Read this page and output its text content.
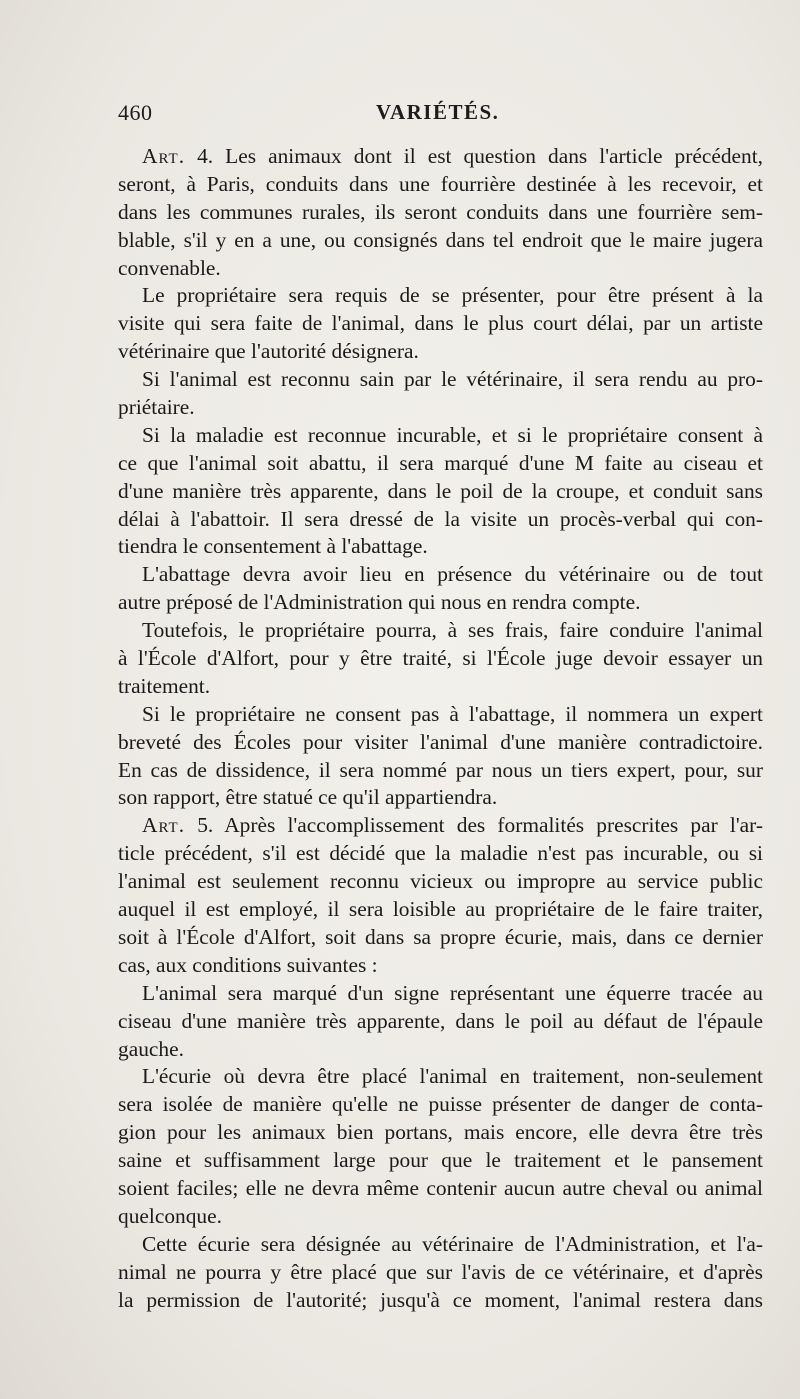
460	VARIÉTÉS.
Art. 4. Les animaux dont il est question dans l'article précédent,
seront, à Paris, conduits dans une fourrière destinée à les recevoir, et
dans les communes rurales, ils seront conduits dans une fourrière sem-
blable, s'il y en a une, ou consignés dans tel endroit que le maire jugera
convenable.
Le propriétaire sera requis de se présenter, pour être présent à la
visite qui sera faite de l'animal, dans le plus court délai, par un artiste
vétérinaire que l'autorité désignera.
Si l'animal est reconnu sain par le vétérinaire, il sera rendu au pro-
priétaire.
Si la maladie est reconnue incurable, et si le propriétaire consent à
ce que l'animal soit abattu, il sera marqué d'une M faite au ciseau et
d'une manière très apparente, dans le poil de la croupe, et conduit sans
délai à l'abattoir. Il sera dressé de la visite un procès-verbal qui con-
tiendra le consentement à l'abattage.
L'abattage devra avoir lieu en présence du vétérinaire ou de tout
autre préposé de l'Administration qui nous en rendra compte.
Toutefois, le propriétaire pourra, à ses frais, faire conduire l'animal
à l'École d'Alfort, pour y être traité, si l'École juge devoir essayer un
traitement.
Si le propriétaire ne consent pas à l'abattage, il nommera un expert
breveté des Écoles pour visiter l'animal d'une manière contradictoire.
En cas de dissidence, il sera nommé par nous un tiers expert, pour, sur
son rapport, être statué ce qu'il appartiendra.
Art. 5. Après l'accomplissement des formalités prescrites par l'ar-
ticle précédent, s'il est décidé que la maladie n'est pas incurable, ou si
l'animal est seulement reconnu vicieux ou impropre au service public
auquel il est employé, il sera loisible au propriétaire de le faire traiter,
soit à l'École d'Alfort, soit dans sa propre écurie, mais, dans ce dernier
cas, aux conditions suivantes :
L'animal sera marqué d'un signe représentant une équerre tracée au
ciseau d'une manière très apparente, dans le poil au défaut de l'épaule
gauche.
L'écurie où devra être placé l'animal en traitement, non-seulement
sera isolée de manière qu'elle ne puisse présenter de danger de conta-
gion pour les animaux bien portans, mais encore, elle devra être très
saine et suffisamment large pour que le traitement et le pansement
soient faciles; elle ne devra même contenir aucun autre cheval ou animal
quelconque.
Cette écurie sera désignée au vétérinaire de l'Administration, et l'a-
nimal ne pourra y être placé que sur l'avis de ce vétérinaire, et d'après
la permission de l'autorité; jusqu'à ce moment, l'animal restera dans
